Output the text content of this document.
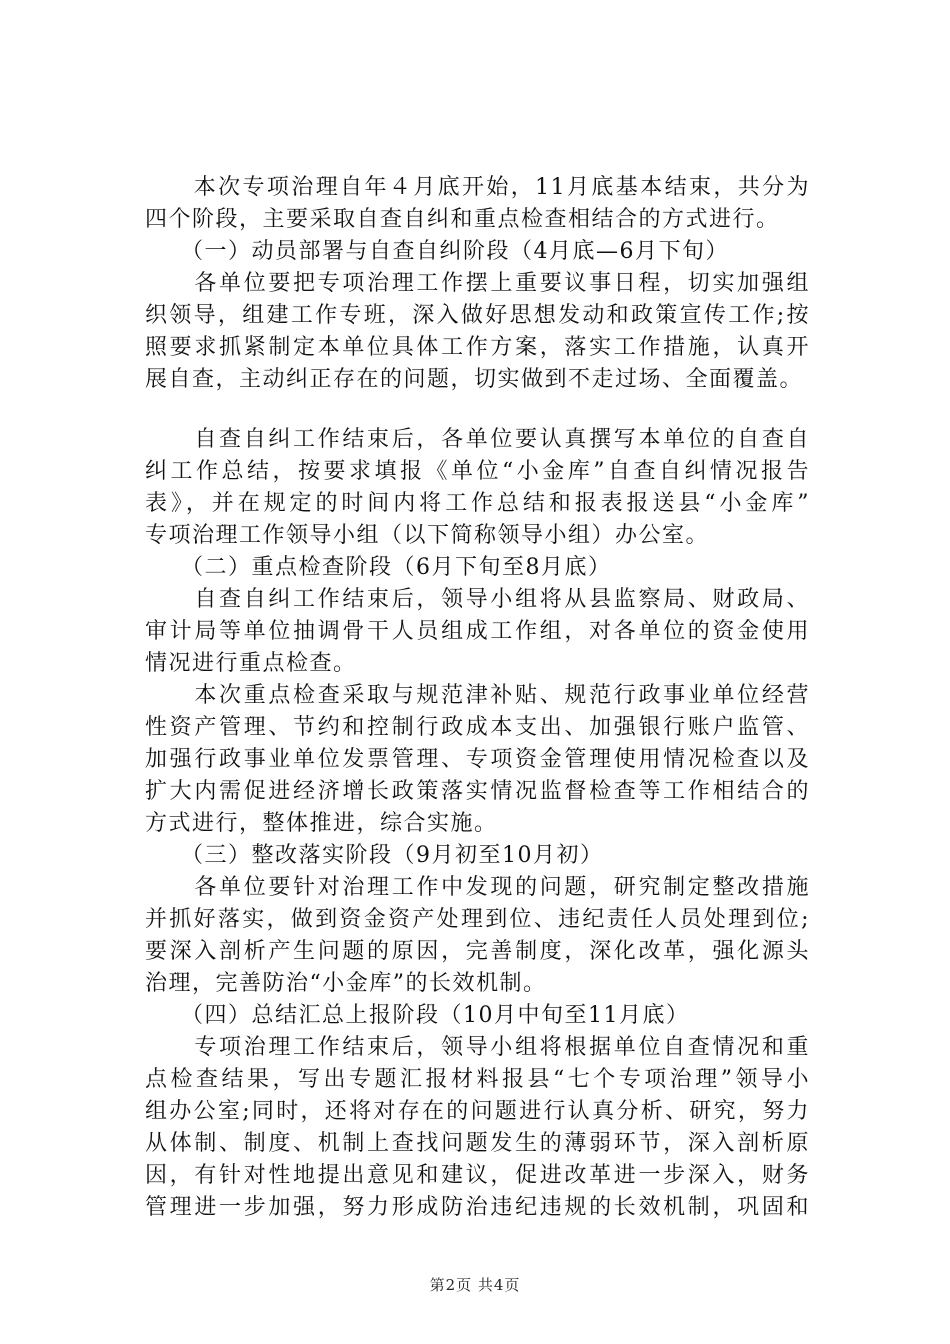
　　本次专项治理自年４月底开始，11月底基本结束，共分为
四个阶段，主要采取自查自纠和重点检查相结合的方式进行。
　　（一）动员部署与自查自纠阶段（4月底—6月下旬）
　　各单位要把专项治理工作摆上重要议事日程，切实加强组
织领导，组建工作专班，深入做好思想发动和政策宣传工作;按
照要求抓紧制定本单位具体工作方案，落实工作措施，认真开
展自查，主动纠正存在的问题，切实做到不走过场、全面覆盖。
　　自查自纠工作结束后，各单位要认真撰写本单位的自查自
纠工作总结，按要求填报《单位“小金库”自查自纠情况报告
表》，并在规定的时间内将工作总结和报表报送县“小金库”
专项治理工作领导小组（以下简称领导小组）办公室。
　　（二）重点检查阶段（6月下旬至8月底）
　　自查自纠工作结束后，领导小组将从县监察局、财政局、
审计局等单位抽调骨干人员组成工作组，对各单位的资金使用
情况进行重点检查。
　　本次重点检查采取与规范津补贴、规范行政事业单位经营
性资产管理、节约和控制行政成本支出、加强银行账户监管、
加强行政事业单位发票管理、专项资金管理使用情况检查以及
扩大内需促进经济增长政策落实情况监督检查等工作相结合的
方式进行，整体推进，综合实施。
　　（三）整改落实阶段（9月初至10月初）
　　各单位要针对治理工作中发现的问题，研究制定整改措施
并抓好落实，做到资金资产处理到位、违纪责任人员处理到位;
要深入剖析产生问题的原因，完善制度，深化改革，强化源头
治理，完善防治“小金库”的长效机制。
　　（四）总结汇总上报阶段（10月中旬至11月底）
　　专项治理工作结束后，领导小组将根据单位自查情况和重
点检查结果，写出专题汇报材料报县“七个专项治理”领导小
组办公室;同时，还将对存在的问题进行认真分析、研究，努力
从体制、制度、机制上查找问题发生的薄弱环节，深入剖析原
因，有针对性地提出意见和建议，促进改革进一步深入，财务
管理进一步加强，努力形成防治违纪违规的长效机制，巩固和
第2页 共4页
